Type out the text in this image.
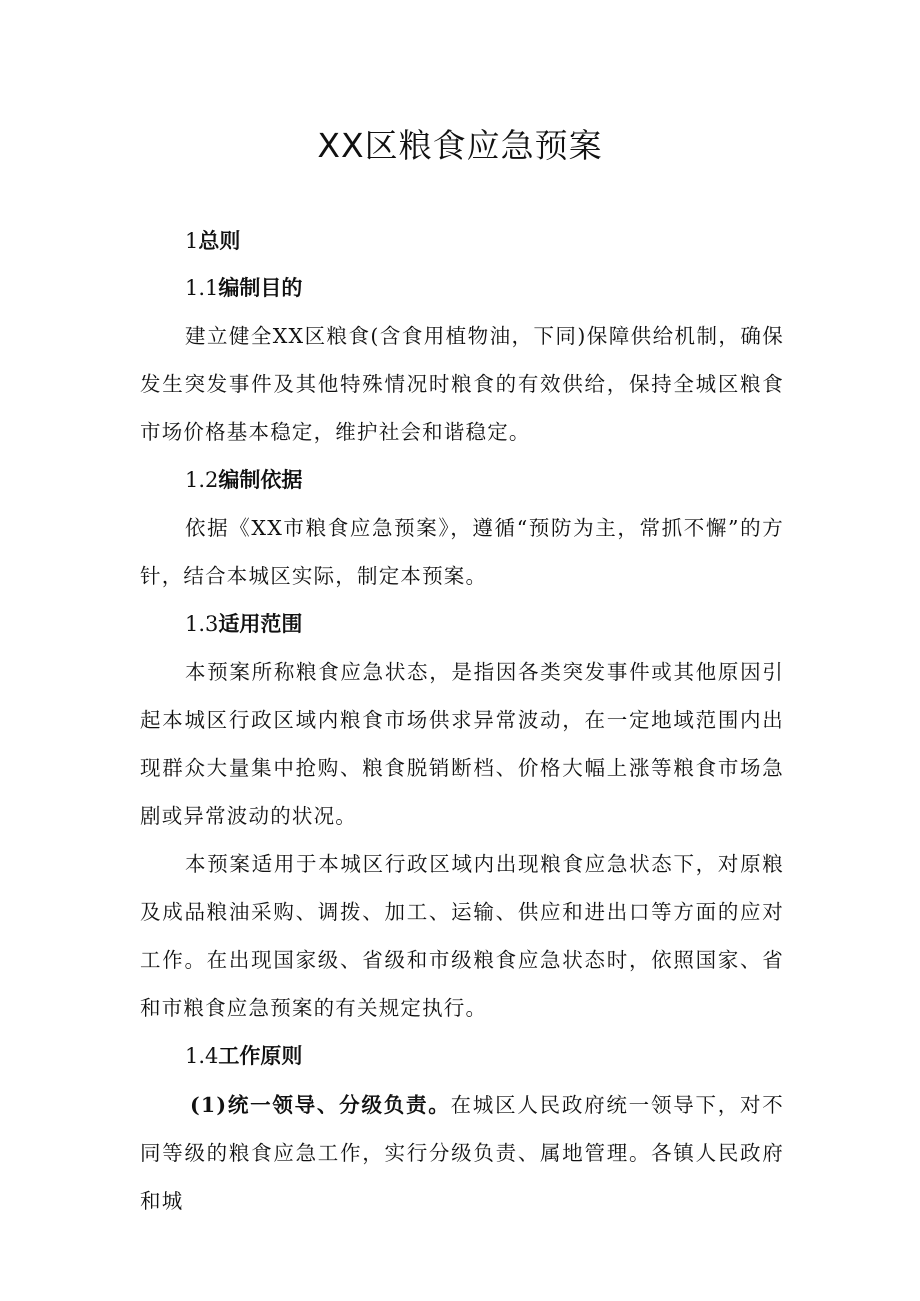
XX区粮食应急预案
1总则
1.1编制目的
建立健全XX区粮食(含食用植物油，下同)保障供给机制，确保发生突发事件及其他特殊情况时粮食的有效供给，保持全城区粮食市场价格基本稳定，维护社会和谐稳定。
1.2编制依据
依据《XX市粮食应急预案》，遵循“预防为主，常抓不懈”的方针，结合本城区实际，制定本预案。
1.3适用范围
本预案所称粮食应急状态，是指因各类突发事件或其他原因引起本城区行政区域内粮食市场供求异常波动，在一定地域范围内出现群众大量集中抢购、粮食脱销断档、价格大幅上涨等粮食市场急剧或异常波动的状况。
本预案适用于本城区行政区域内出现粮食应急状态下，对原粮及成品粮油采购、调拨、加工、运输、供应和进出口等方面的应对工作。在出现国家级、省级和市级粮食应急状态时，依照国家、省和市粮食应急预案的有关规定执行。
1.4工作原则
(1)统一领导、分级负责。在城区人民政府统一领导下，对不同等级的粮食应急工作，实行分级负责、属地管理。各镇人民政府和城
